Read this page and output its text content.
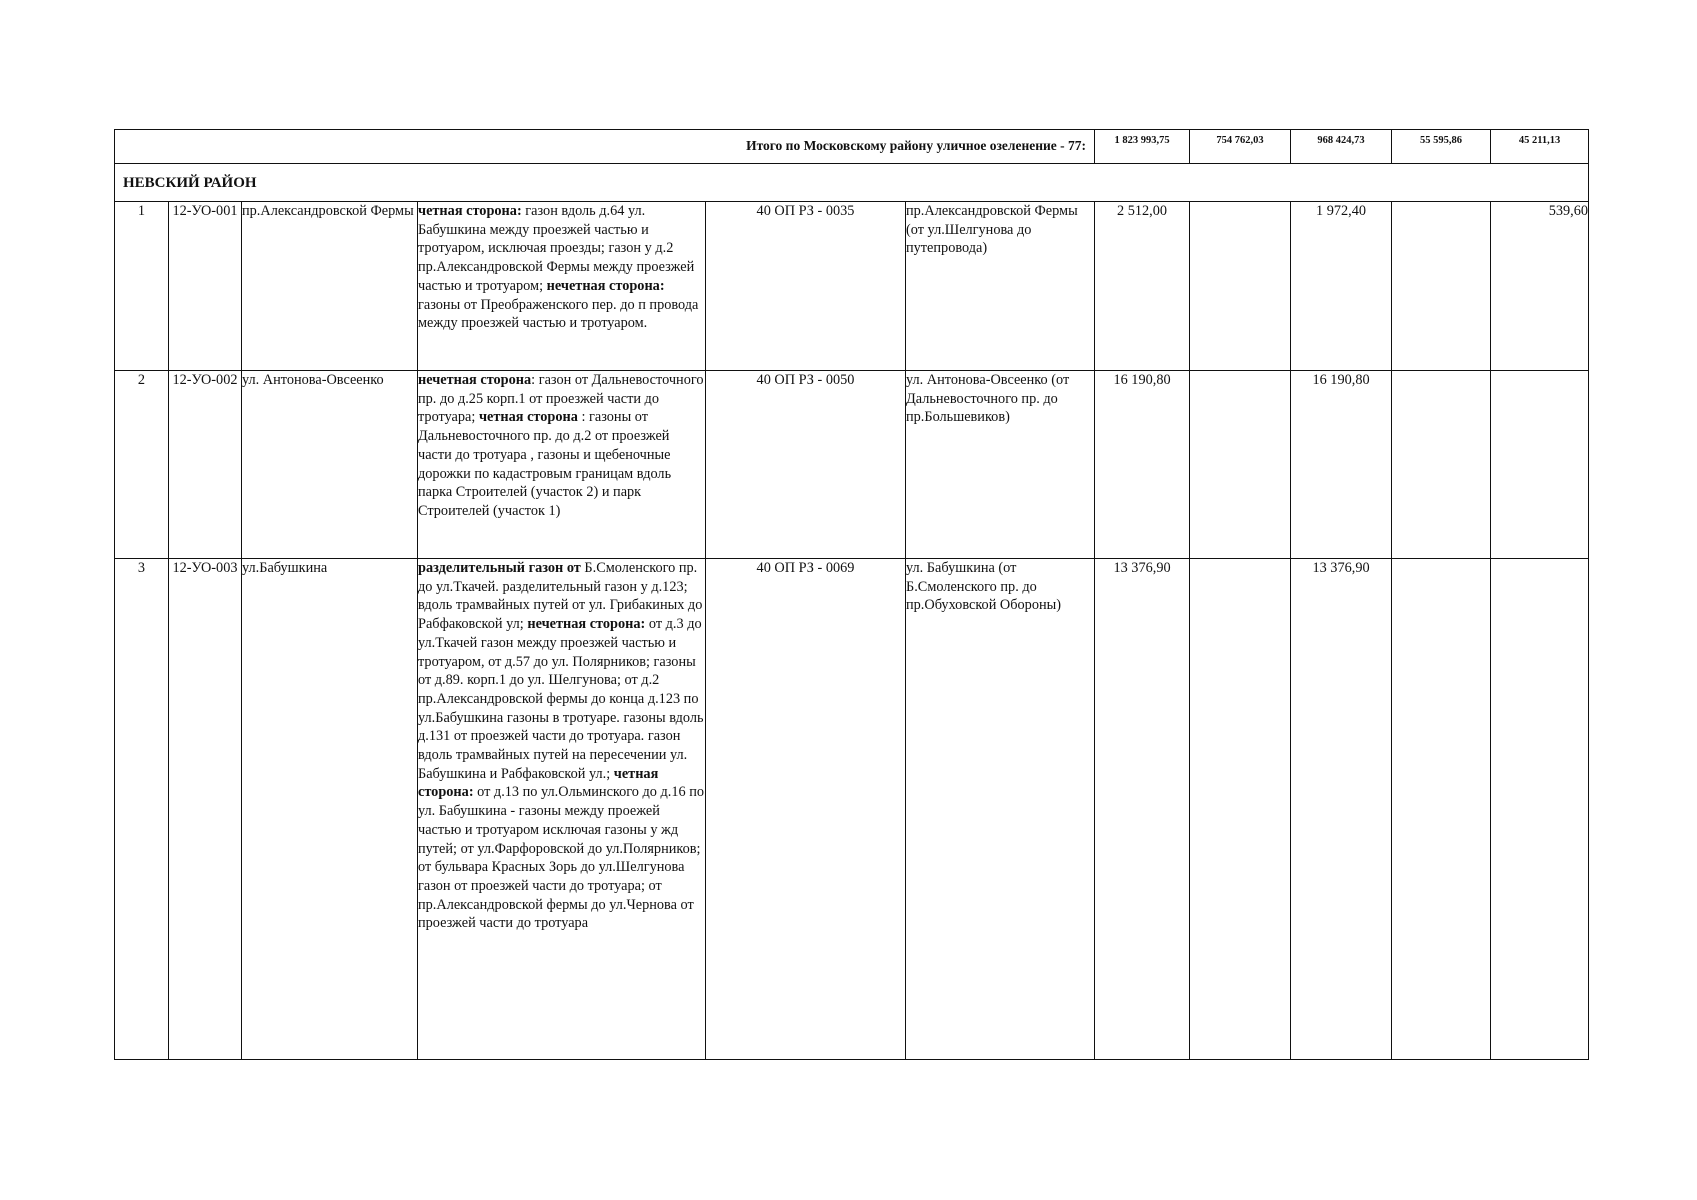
Итого по Московскому району уличное озеленение - 77:						1 823 993,75	754 762,03	968 424,73	55 595,86	45 211,13
НЕВСКИЙ РАЙОН										
1	12-УО-001	пр.Александровской Фермы	четная сторона: газон вдоль д.64 ул. Бабушкина между проезжей частью и тротуаром, исключая проезды; газон у д.2 пр.Александровской Фермы между проезжей частью и тротуаром; нечетная сторона: газоны от Преображенского пер. до п провода между проезжей частью и тротуаром.	40 ОП РЗ - 0035	пр.Александровской Фермы (от ул.Шелгунова до путепровода)	2 512,00		1 972,40		539,60
2	12-УО-002	ул. Антонова-Овсеенко	нечетная сторона: газон от Дальневосточного пр. до д.25 корп.1 от проезжей части до тротуара; четная сторона : газоны от Дальневосточного пр. до д.2 от проезжей части до тротуара , газоны и щебеночные дорожки по кадастровым границам вдоль парка Строителей (участок 2) и парк Строителей (участок 1)	40 ОП РЗ - 0050	ул. Антонова-Овсеенко (от Дальневосточного пр. до пр.Большевиков)	16 190,80		16 190,80		
3	12-УО-003	ул.Бабушкина	разделительный газон от Б.Смоленского пр. до ул.Ткачей. разделительный газон у д.123; вдоль трамвайных путей от ул. Грибакиных до Рабфаковской ул; нечетная сторона: от д.3 до ул.Ткачей газон между проезжей частью и тротуаром, от д.57 до ул. Полярников; газоны от д.89. корп.1 до ул. Шелгунова; от д.2 пр.Александровской фермы до конца д.123 по ул.Бабушкина газоны в тротуаре. газоны вдоль д.131 от проезжей части до тротуара. газон вдоль трамвайных путей на пересечении ул. Бабушкина и Рабфаковской ул.; четная сторона: от д.13 по ул.Ольминского до д.16 по ул. Бабушкина - газоны между проежей частью и тротуаром исключая газоны у жд путей; от ул.Фарфоровской до ул.Полярников; от бульвара Красных Зорь до ул.Шелгунова газон от проезжей части до тротуара; от пр.Александровской фермы до ул.Чернова от проезжей части до тротуара	40 ОП РЗ - 0069	ул. Бабушкина (от Б.Смоленского пр. до пр.Обуховской Обороны)	13 376,90		13 376,90		
